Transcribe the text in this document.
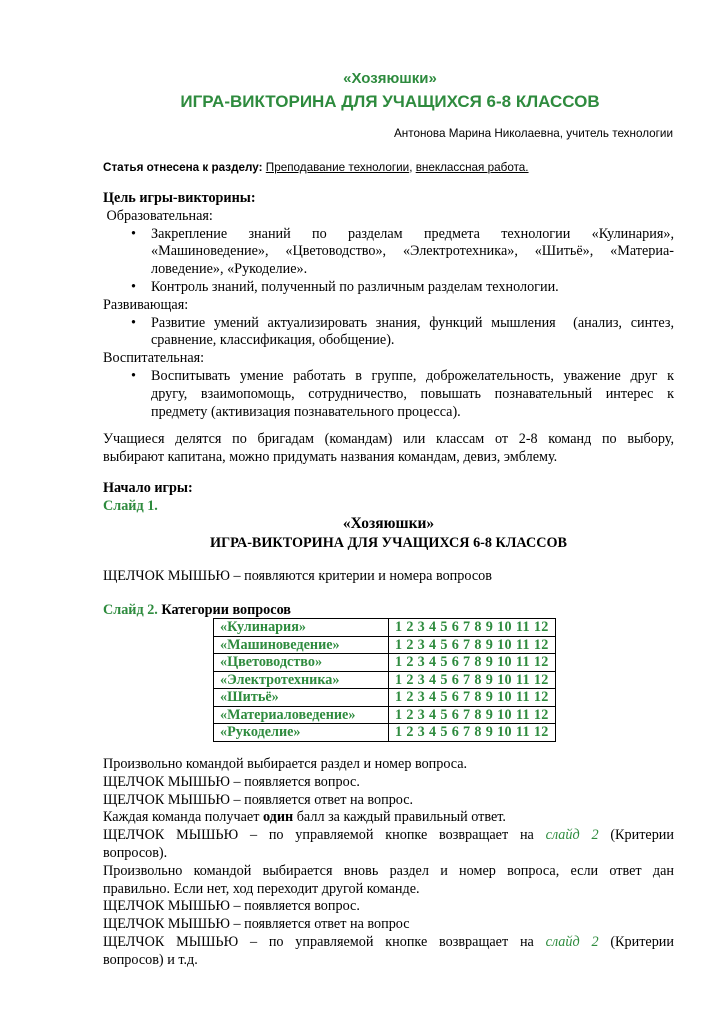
«Хозяюшки»
ИГРА-ВИКТОРИНА ДЛЯ УЧАЩИХСЯ 6-8 КЛАССОВ
Антонова Марина Николаевна, учитель технологии
Статья отнесена к разделу: Преподавание технологии, внеклассная работа.

Цель игры-викторины:

Образовательная:

• Закрепление знаний по разделам предмета технологии «Кулинария»,
«Машиноведение», «Цветоводство», «Электротехника», «Шитьё», «Материа-
ловедение», «Рукоделие».
• Контроль знаний, полученный по различным разделам технологии.

Развивающая:

• Развитие умений актуализировать знания, функций мышления  (анализ, синтез,
сравнение, классификация, обобщение).

Воспитательная:

• Воспитывать умение работать в группе, доброжелательность, уважение друг к
другу, взаимопомощь, сотрудничество, повышать познавательный интерес к
предмету (активизация познавательного процесса).
Учащиеся делятся по бригадам (командам) или классам от 2-8 команд по выбору,
выбирают капитана, можно придумать названия командам, девиз, эмблему.

Начало игры:

Слайд 1.

«Хозяюшки»
ИГРА-ВИКТОРИНА ДЛЯ УЧАЩИХСЯ 6-8 КЛАССОВ
ЩЕЛЧОК МЫШЬЮ – появляются критерии и номера вопросов
Слайд 2. Категории вопросов
«Кулинария»	1 2 3 4 5 6 7 8 9 10 11 12
«Машиноведение»	1 2 3 4 5 6 7 8 9 10 11 12
«Цветоводство»	1 2 3 4 5 6 7 8 9 10 11 12
«Электротехника»	1 2 3 4 5 6 7 8 9 10 11 12
«Шитьё»	1 2 3 4 5 6 7 8 9 10 11 12
«Материаловедение»	1 2 3 4 5 6 7 8 9 10 11 12
«Рукоделие»	1 2 3 4 5 6 7 8 9 10 11 12

Произвольно командой выбирается раздел и номер вопроса.

ЩЕЛЧОК МЫШЬЮ – появляется вопрос.

ЩЕЛЧОК МЫШЬЮ – появляется ответ на вопрос.

Каждая команда получает один балл за каждый правильный ответ.

ЩЕЛЧОК МЫШЬЮ – по управляемой кнопке возвращает на слайд 2 (Критерии

вопросов).

Произвольно командой выбирается вновь раздел и номер вопроса, если ответ дан

правильно. Если нет, ход переходит другой команде.

ЩЕЛЧОК МЫШЬЮ – появляется вопрос.

ЩЕЛЧОК МЫШЬЮ – появляется ответ на вопрос

ЩЕЛЧОК МЫШЬЮ – по управляемой кнопке возвращает на слайд 2 (Критерии

вопросов) и т.д.
